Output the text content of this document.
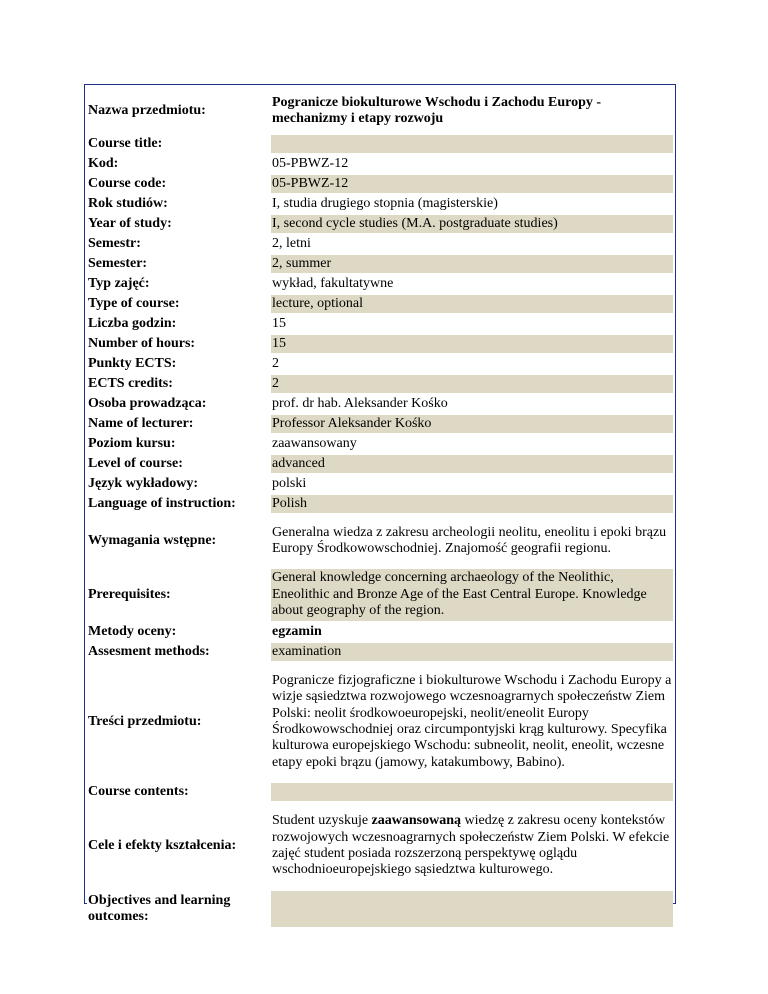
Nazwa przedmiotu:		Pogranicze biokulturowe Wschodu i Zachodu Europy - mechanizmy i etapy rozwoju
Course title:		
Kod:		05-PBWZ-12
Course code:		05-PBWZ-12
Rok studiów:		I, studia drugiego stopnia (magisterskie)
Year of study:		I, second cycle studies (M.A. postgraduate studies)
Semestr:		2, letni
Semester:		2, summer
Typ zajęć:		wykład, fakultatywne
Type of course:		lecture, optional
Liczba godzin:		15
Number of hours:		15
Punkty ECTS:		2
ECTS credits:		2
Osoba prowadząca:		prof. dr hab. Aleksander Kośko
Name of lecturer:		Professor Aleksander Kośko
Poziom kursu:		zaawansowany
Level of course:		advanced
Język wykładowy:		polski
Language of instruction:		Polish
Wymagania wstępne:		Generalna wiedza z zakresu archeologii neolitu, eneolitu i epoki brązu Europy Środkowowschodniej. Znajomość geografii regionu.
Prerequisites:		General knowledge concerning archaeology of the Neolithic, Eneolithic and Bronze Age of the East Central Europe. Knowledge about geography of the region.
Metody oceny:		egzamin
Assesment methods:		examination
Treści przedmiotu:		Pogranicze fizjograficzne i biokulturowe Wschodu i Zachodu Europy a wizje sąsiedztwa rozwojowego wczesnoagrarnych społeczeństw Ziem Polski: neolit środkowoeuropejski, neolit/eneolit Europy Środkowowschodniej oraz circumpontyjski krąg kulturowy. Specyfika kulturowa europejskiego Wschodu: subneolit, neolit, eneolit, wczesne etapy epoki brązu (jamowy, katakumbowy, Babino).
Course contents:		
Cele i efekty kształcenia:		Student uzyskuje zaawansowaną wiedzę z zakresu oceny kontekstów rozwojowych wczesnoagrarnych społeczeństw Ziem Polski. W efekcie zajęć student posiada rozszerzoną perspektywę oglądu wschodnioeuropejskiego sąsiedztwa kulturowego.
Objectives and learning outcomes:		
